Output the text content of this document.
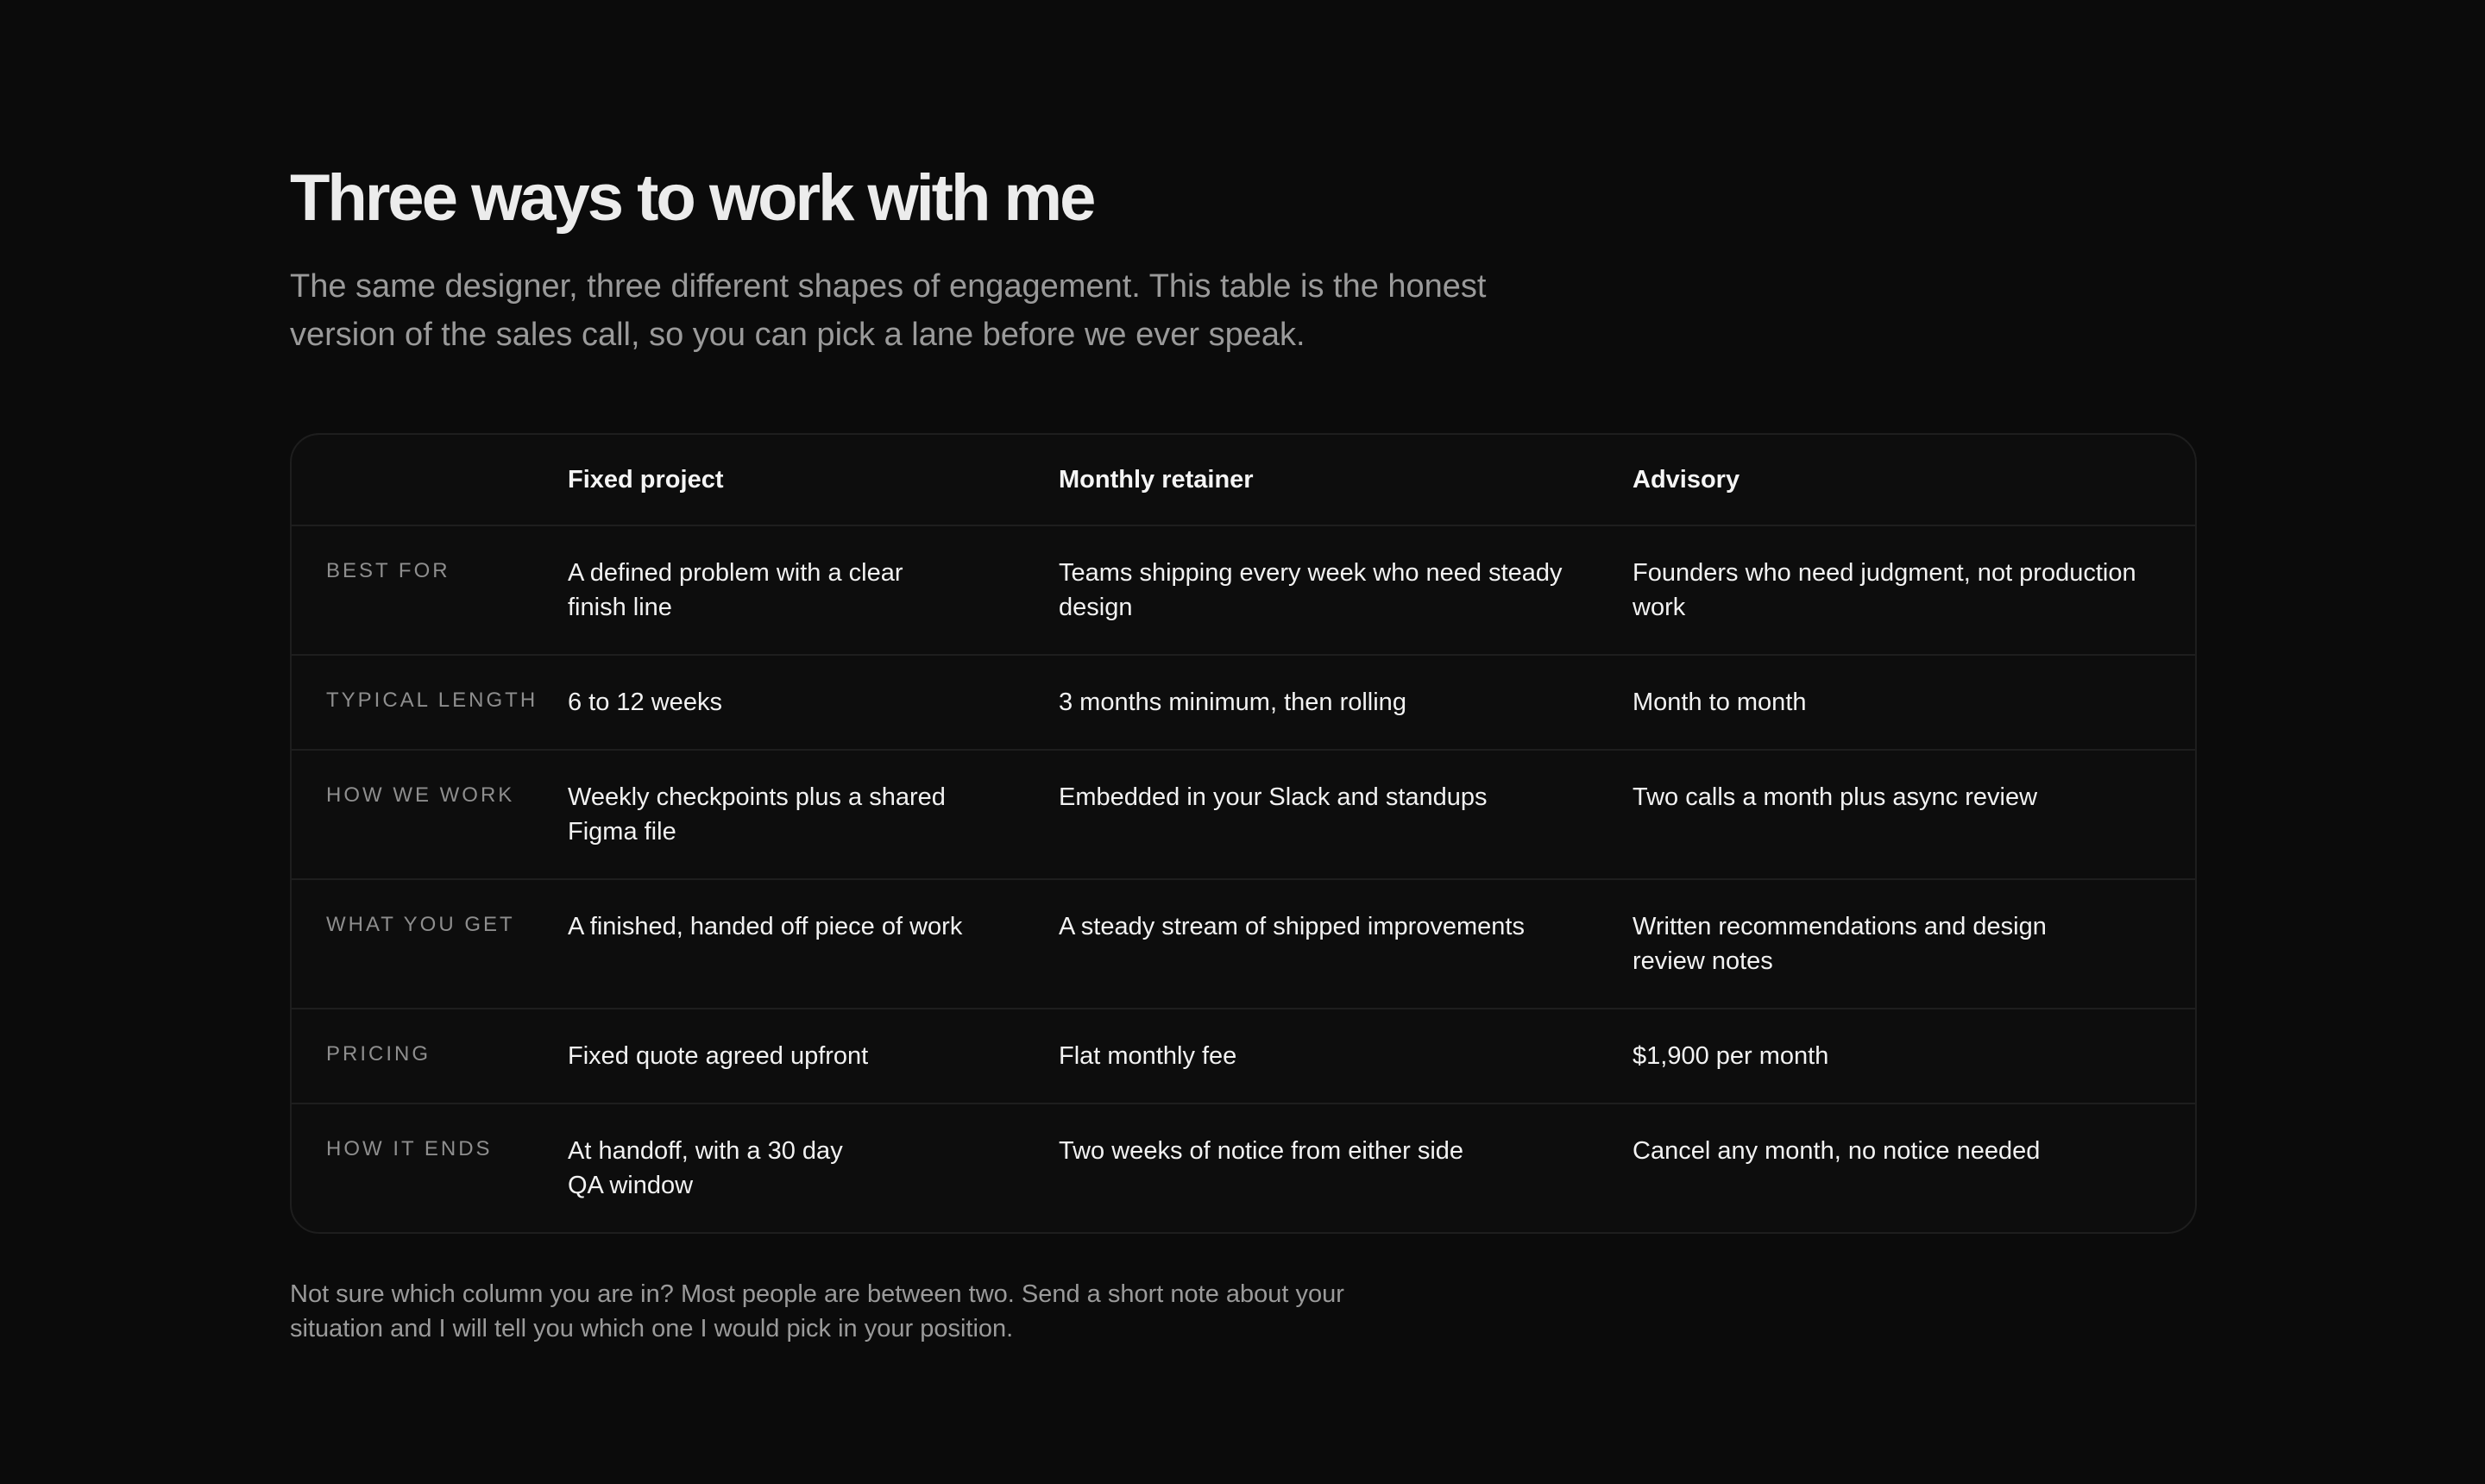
Three ways to work with me

The same designer, three different shapes of engagement. This table is the honest version of the sales call, so you can pick a lane before we ever speak.

	Fixed project	Monthly retainer	Advisory

BEST FOR	A defined problem with a clear finish line	Teams shipping every week who need steady design	Founders who need judgment, not production work

TYPICAL LENGTH	6 to 12 weeks	3 months minimum, then rolling	Month to month

HOW WE WORK	Weekly checkpoints plus a shared Figma file	Embedded in your Slack and standups	Two calls a month plus async review

WHAT YOU GET	A finished, handed off piece of work	A steady stream of shipped improvements	Written recommendations and design review notes

PRICING	Fixed quote agreed upfront	Flat monthly fee	$1,900 per month

HOW IT ENDS	At handoff, with a 30 day QA window	Two weeks of notice from either side	Cancel any month, no notice needed

Not sure which column you are in? Most people are between two. Send a short note about your situation and I will tell you which one I would pick in your position.
